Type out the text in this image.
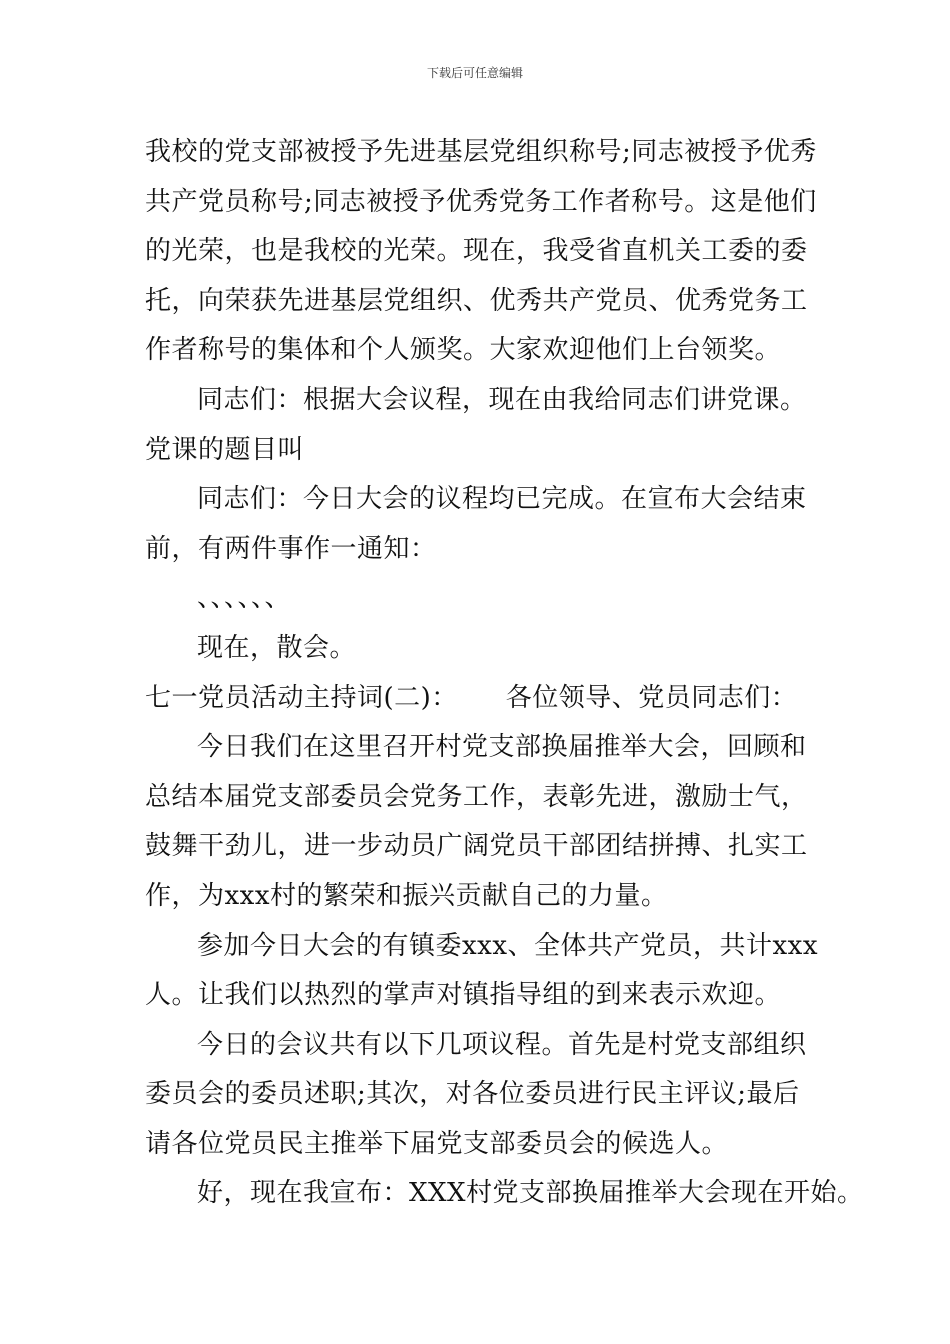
下载后可任意编辑
我校的党支部被授予先进基层党组织称号;同志被授予优秀
共产党员称号;同志被授予优秀党务工作者称号。这是他们
的光荣，也是我校的光荣。现在，我受省直机关工委的委
托，向荣获先进基层党组织、优秀共产党员、优秀党务工
作者称号的集体和个人颁奖。大家欢迎他们上台领奖。
同志们：根据大会议程，现在由我给同志们讲党课。
党课的题目叫
同志们：今日大会的议程均已完成。在宣布大会结束
前，有两件事作一通知：
、、、、、、
现在，散会。
七一党员活动主持词(二)： 各位领导、党员同志们：
今日我们在这里召开村党支部换届推举大会，回顾和
总结本届党支部委员会党务工作，表彰先进，激励士气，
鼓舞干劲儿，进一步动员广阔党员干部团结拼搏、扎实工
作，为xxx村的繁荣和振兴贡献自己的力量。
参加今日大会的有镇委xxx、全体共产党员，共计xxx
人。让我们以热烈的掌声对镇指导组的到来表示欢迎。
今日的会议共有以下几项议程。首先是村党支部组织
委员会的委员述职;其次，对各位委员进行民主评议;最后
请各位党员民主推举下届党支部委员会的候选人。
好，现在我宣布：XXX村党支部换届推举大会现在开始。
